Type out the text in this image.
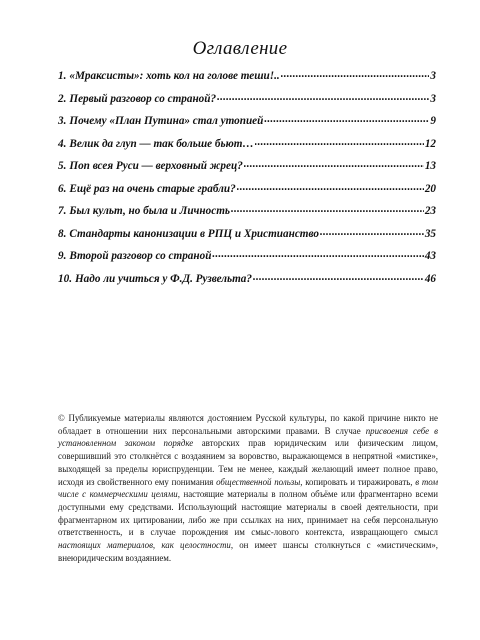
Оглавление
1. «Мраксисты»: хоть кол на голове теши!.. .....	3
2. Первый разговор со страной? .....	3
3. Почему «План Путина» стал утопией .....	9
4. Велик да глуп — так больше бьют… .....	12
5. Поп всея Руси — верховный жрец? .....	13
6. Ещё раз на очень старые грабли? .....	20
7. Был культ, но была и Личность .....	23
8. Стандарты канонизации в РПЦ и Христианство .....	35
9. Второй разговор со страной .....	43
10. Надо ли учиться у Ф.Д. Рузвельта? .....	46
© Публикуемые материалы являются достоянием Русской культуры, по какой причине никто не обладает в отношении них персональными авторскими правами. В случае присвоения себе в установленном законом порядке авторских прав юридическим или физическим лицом, совершивший это столкнётся с воздаянием за воровство, выражающемся в непрятной «мистике», выходящей за пределы юриспруденции. Тем не менее, каждый желающий имеет полное право, исходя из свойственного ему понимания общественной пользы, копировать и тиражировать, в том числе с коммерческими целями, настоящие материалы в полном объёме или фрагментарно всеми доступными ему средствами. Использующий настоящие материалы в своей деятельности, при фрагментарном их цитировании, либо же при ссылках на них, принимает на себя персональную ответственность, и в случае порождения им смыс-лового контекста, извращающего смысл настоящих материалов, как целостности, он имеет шансы столкнуться с «мистическим», внеюридическим воздаянием.
